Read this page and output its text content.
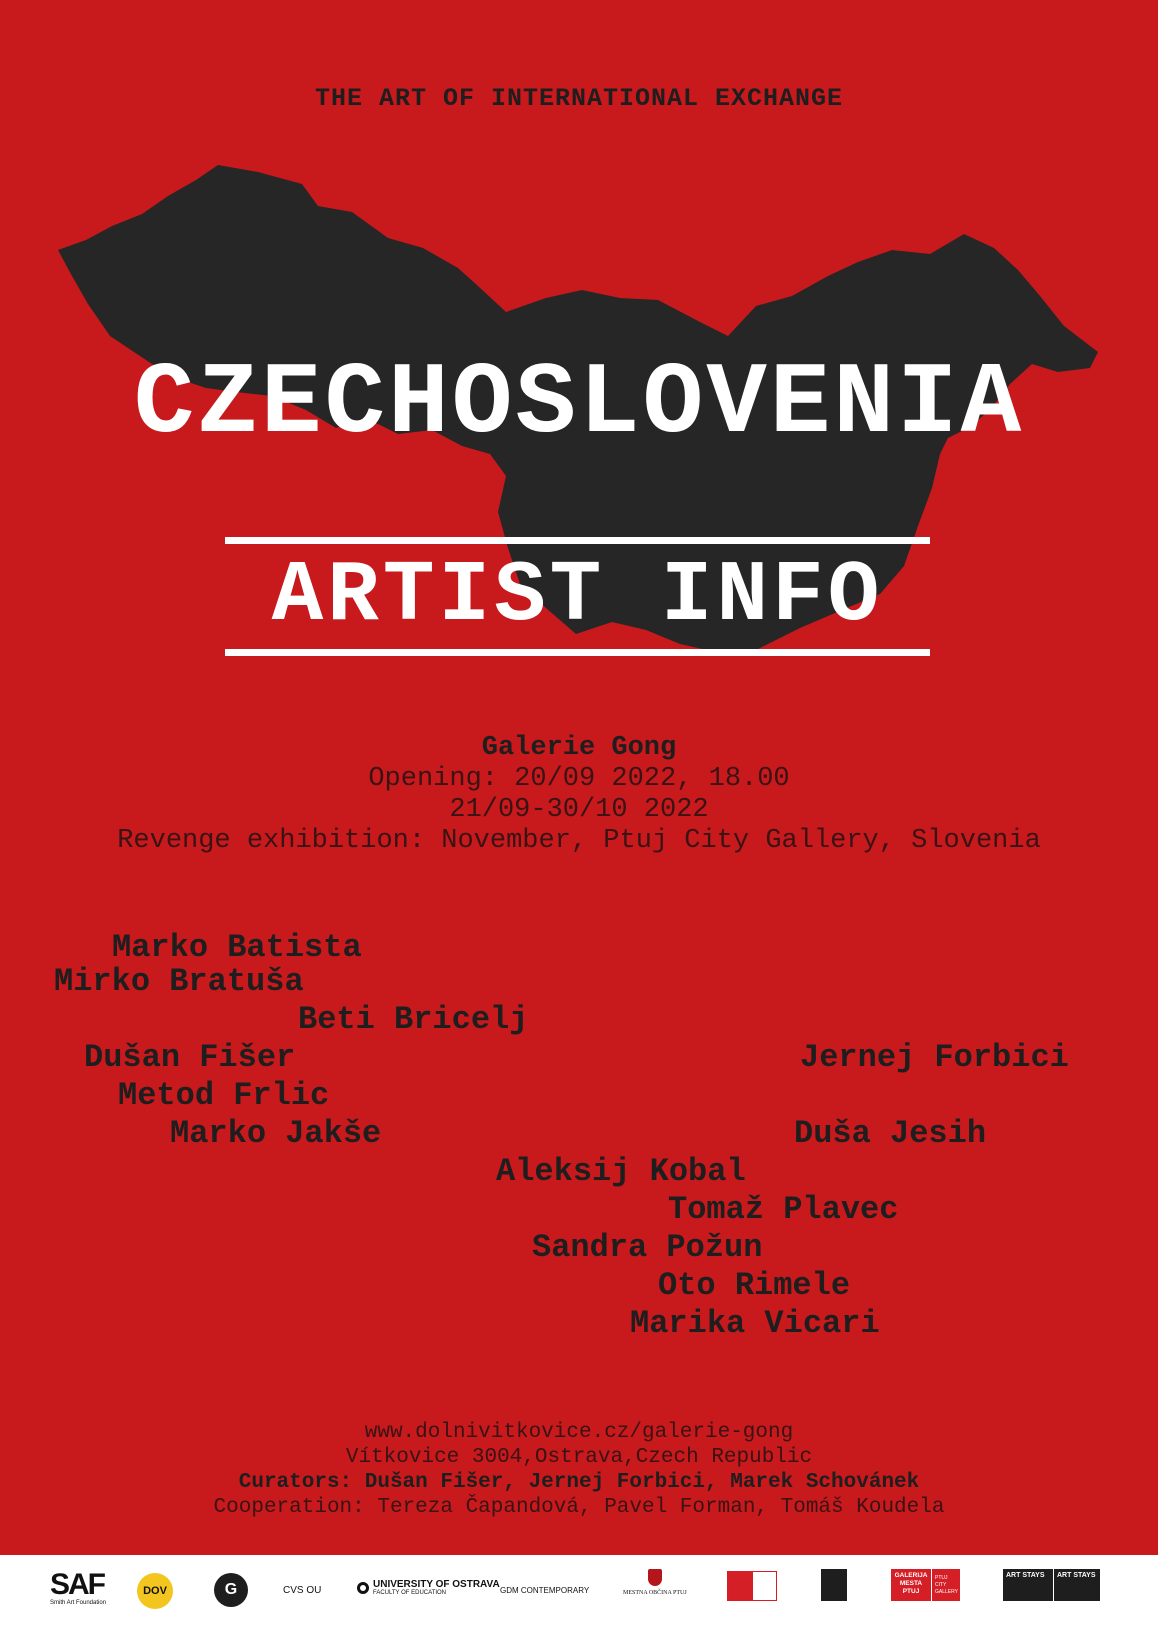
THE ART OF INTERNATIONAL EXCHANGE
CZECHOSLOVENIA
ARTIST INFO
Galerie Gong
Opening: 20/09 2022, 18.00
21/09-30/10 2022
Revenge exhibition: November, Ptuj City Gallery, Slovenia
Marko Batista
Mirko Bratuša
Beti Bricelj
Dušan Fišer	Jernej Forbici
Metod Frlic
Marko Jakše	Duša Jesih
Aleksij Kobal
Tomaž Plavec
Sandra Požun
Oto Rimele
Marika Vicari
www.dolnivitkovice.cz/galerie-gong
Vítkovice 3004,Ostrava,Czech Republic
Curators: Dušan Fišer, Jernej Forbici, Marek Schovánek
Cooperation: Tereza Čapandová, Pavel Forman, Tomáš Koudela
SAF
Smith Art Foundation
DOV	G	CVS OU
UNIVERSITY OF OSTRAVA
FACULTY OF EDUCATION	GDM CONTEMPORARY	MESTNA OBČINA PTUJ
GALERIJA MESTA PTUJ
PTUJ CITY GALLERY
ART STAYS	ART STAYS
